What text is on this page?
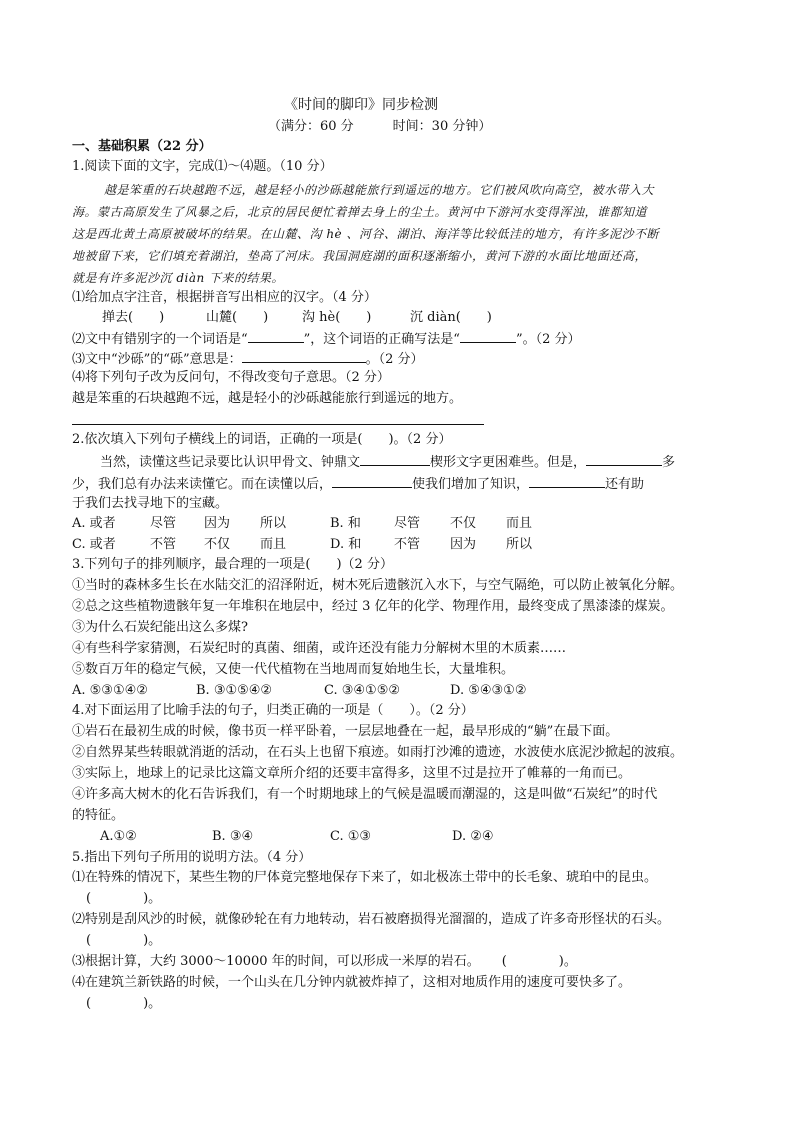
《时间的脚印》同步检测
（满分：60 分　　　时间：30 分钟）
一、基础积累（22 分）
1.阅读下面的文字，完成⑴～⑷题。（10 分）
越是笨重的石块越跑不远，越是轻小的沙砾越能旅行到遥远的地方。它们被风吹向高空，被水带入大
海。蒙古高原发生了风暴之后，北京的居民便忙着掸去身上的尘土。黄河中下游河水变得浑浊，谁都知道
这是西北黄土高原被破坏的结果。在山麓、沟 hè 、河谷、湖泊、海洋等比较低洼的地方，有许多泥沙不断
地被留下来，它们填充着湖泊，垫高了河床。我国洞庭湖的面积逐渐缩小，黄河下游的水面比地面还高，
就是有许多泥沙沉 diàn 下来的结果。
⑴给加点字注音，根据拼音写出相应的汉字。（4 分）
掸去(　　)	山麓(　　)	沟 hè(　　)	沉 diàn(　　)
⑵文中有错别字的一个词语是“	”，这个词语的正确写法是“	”。（2 分）
⑶文中“沙砾”的“砾”意思是：	。（2 分）
⑷将下列句子改为反问句，不得改变句子意思。（2 分）
越是笨重的石块越跑不远，越是轻小的沙砾越能旅行到遥远的地方。
2.依次填入下列句子横线上的词语，正确的一项是(　　)。（2 分）
当然，读懂这些记录要比认识甲骨文、钟鼎文	楔形文字更困难些。但是，	多
少，我们总有办法来读懂它。而在读懂以后，	使我们增加了知识，	还有助
于我们去找寻地下的宝藏。
A. 或者	尽管 因为 所以	B. 和	尽管 不仅 而且
C. 或者	不管 不仅 而且	D. 和	不管 因为 所以
3.下列句子的排列顺序，最合理的一项是(　　)（2 分）
①当时的森林多生长在水陆交汇的沼泽附近，树木死后遗骸沉入水下，与空气隔绝，可以防止被氧化分解。
②总之这些植物遗骸年复一年堆积在地层中，经过 3 亿年的化学、物理作用，最终变成了黑漆漆的煤炭。
③为什么石炭纪能出这么多煤?
④有些科学家猜测，石炭纪时的真菌、细菌，或许还没有能力分解树木里的木质素……
⑤数百万年的稳定气候，又使一代代植物在当地周而复始地生长，大量堆积。
A. ⑤③①④②	B. ③①⑤④②	C. ③④①⑤②	D. ⑤④③①②
4.对下面运用了比喻手法的句子，归类正确的一项是（　　）。（2 分）
①岩石在最初生成的时候，像书页一样平卧着，一层层地叠在一起，最早形成的“躺”在最下面。
②自然界某些转眼就消逝的活动，在石头上也留下痕迹。如雨打沙滩的遗迹，水波使水底泥沙掀起的波痕。
③实际上，地球上的记录比这篇文章所介绍的还要丰富得多，这里不过是拉开了帷幕的一角而已。
④许多高大树木的化石告诉我们，有一个时期地球上的气候是温暖而潮湿的，这是叫做“石炭纪”的时代
的特征。
A.①②	B. ③④	C. ①③	D. ②④
5.指出下列句子所用的说明方法。（4 分）
⑴在特殊的情况下，某些生物的尸体竟完整地保存下来了，如北极冻土带中的长毛象、琥珀中的昆虫。
(　　　　)。
⑵特别是刮风沙的时候，就像砂轮在有力地转动，岩石被磨损得光溜溜的，造成了许多奇形怪状的石头。
(　　　　)。
⑶根据计算，大约 3000～10000 年的时间，可以形成一米厚的岩石。 (　　　　)。
⑷在建筑兰新铁路的时候，一个山头在几分钟内就被炸掉了，这相对地质作用的速度可要快多了。
(　　　　)。
